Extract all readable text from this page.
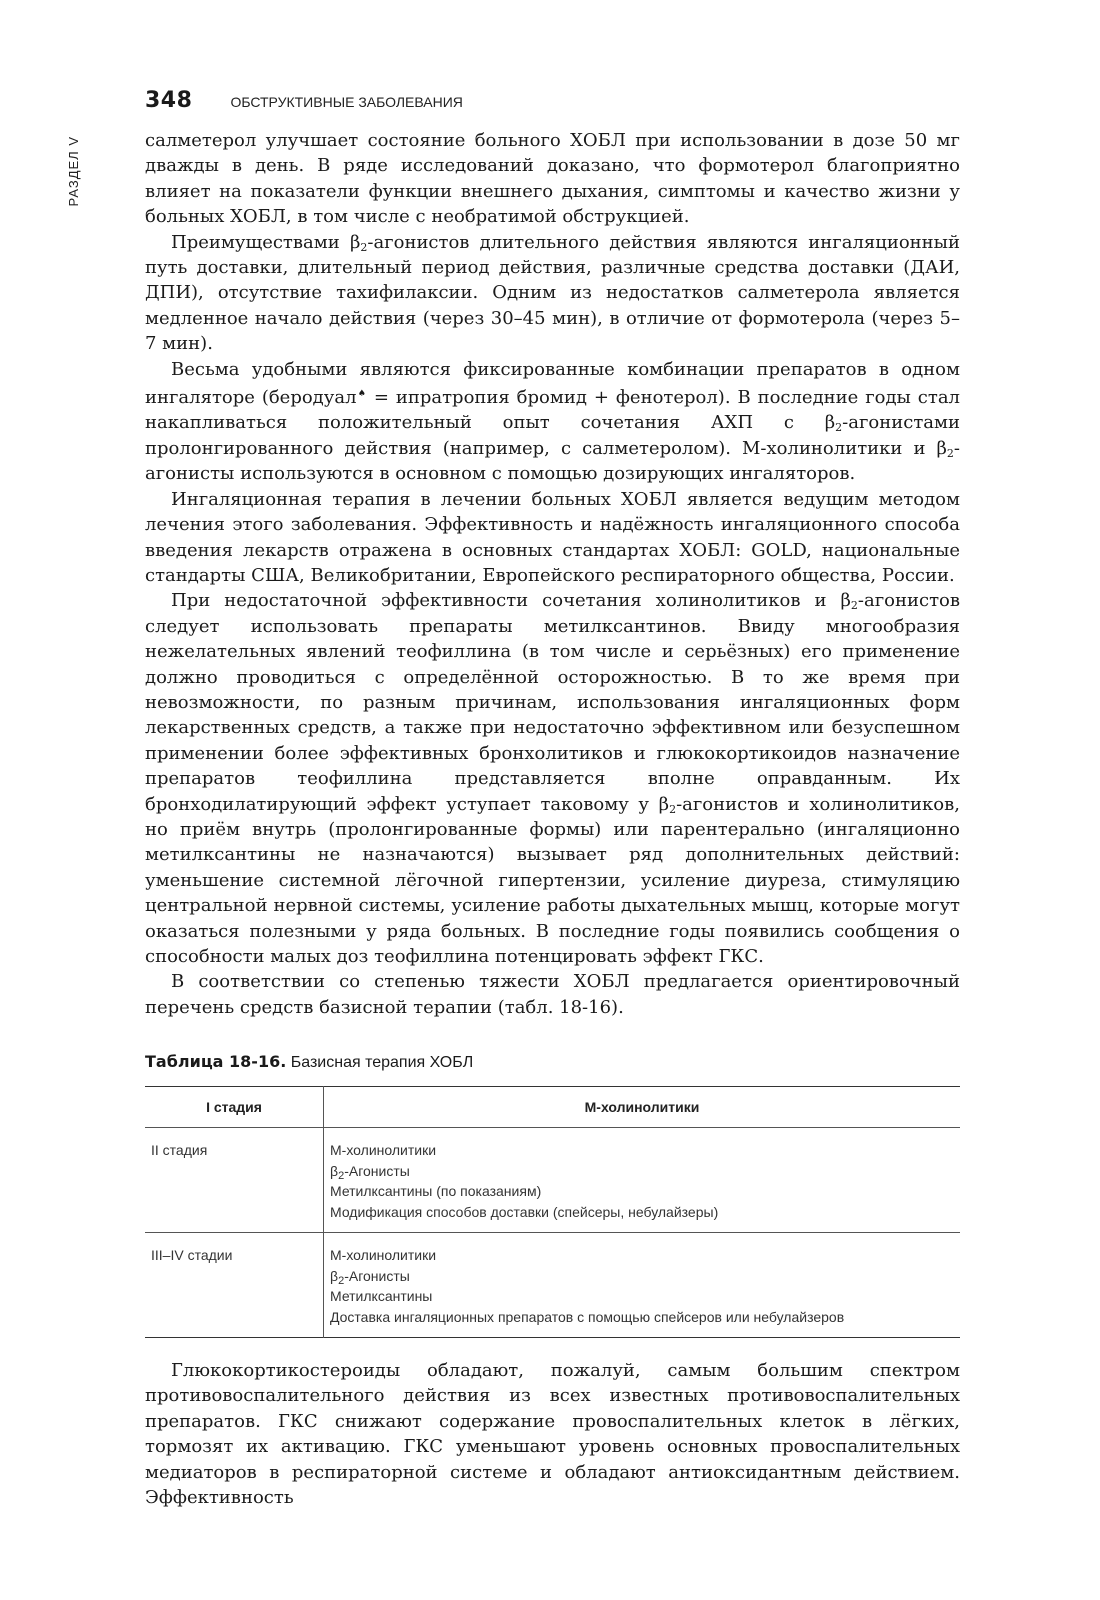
РАЗДЕЛ V
348	ОБСТРУКТИВНЫЕ ЗАБОЛЕВАНИЯ

салметерол улучшает состояние больного ХОБЛ при использовании в дозе 50 мг дважды в день. В ряде исследований доказано, что формотерол благоприятно влияет на показатели функции внешнего дыхания, симптомы и качество жизни у больных ХОБЛ, в том числе с необратимой обструкцией.

Преимуществами $\beta_2$-агонистов длительного действия являются ингаляционный путь доставки, длительный период действия, различные средства доставки (ДАИ, ДПИ), отсутствие тахифилаксии. Одним из недостатков салметерола является медленное начало действия (через 30–45 мин), в отличие от формотерола (через 5–7 мин).

Весьма удобными являются фиксированные комбинации препаратов в одном ингаляторе (беродуал♠ = ипратропия бромид + фенотерол). В последние годы стал накапливаться положительный опыт сочетания АХП с $\beta_2$-агонистами пролонгированного действия (например, с салметеролом). М-холинолитики и $\beta_2$-агонисты используются в основном с помощью дозирующих ингаляторов.

Ингаляционная терапия в лечении больных ХОБЛ является ведущим методом лечения этого заболевания. Эффективность и надёжность ингаляционного способа введения лекарств отражена в основных стандартах ХОБЛ: GOLD, национальные стандарты США, Великобритании, Европейского респираторного общества, России.

При недостаточной эффективности сочетания холинолитиков и $\beta_2$-агонистов следует использовать препараты метилксантинов. Ввиду многообразия нежелательных явлений теофиллина (в том числе и серьёзных) его применение должно проводиться с определённой осторожностью. В то же время при невозможности, по разным причинам, использования ингаляционных форм лекарственных средств, а также при недостаточно эффективном или безуспешном применении более эффективных бронхолитиков и глюкокортикоидов назначение препаратов теофиллина представляется вполне оправданным. Их бронходилатирующий эффект уступает таковому у $\beta_2$-агонистов и холинолитиков, но приём внутрь (пролонгированные формы) или парентерально (ингаляционно метилксантины не назначаются) вызывает ряд дополнительных действий: уменьшение системной лёгочной гипертензии, усиление диуреза, стимуляцию центральной нервной системы, усиление работы дыхательных мышц, которые могут оказаться полезными у ряда больных. В последние годы появились сообщения о способности малых доз теофиллина потенцировать эффект ГКС.

В соответствии со степенью тяжести ХОБЛ предлагается ориентировочный перечень средств базисной терапии (табл. 18-16).

Таблица 18-16. Базисная терапия ХОБЛ
I стадия	М-холинолитики
II стадия	М-холинолитики
$\beta_2$-Агонисты
Метилксантины (по показаниям)
Модификация способов доставки (спейсеры, небулайзеры)

III–IV стадии	М-холинолитики
$\beta_2$-Агонисты
Метилксантины
Доставка ингаляционных препаратов с помощью спейсеров или небулайзеров

Глюкокортикостероиды обладают, пожалуй, самым большим спектром противовоспалительного действия из всех известных противовоспалительных препаратов. ГКС снижают содержание провоспалительных клеток в лёгких, тормозят их активацию. ГКС уменьшают уровень основных провоспалительных медиаторов в респираторной системе и обладают антиоксидантным действием. Эффективность
